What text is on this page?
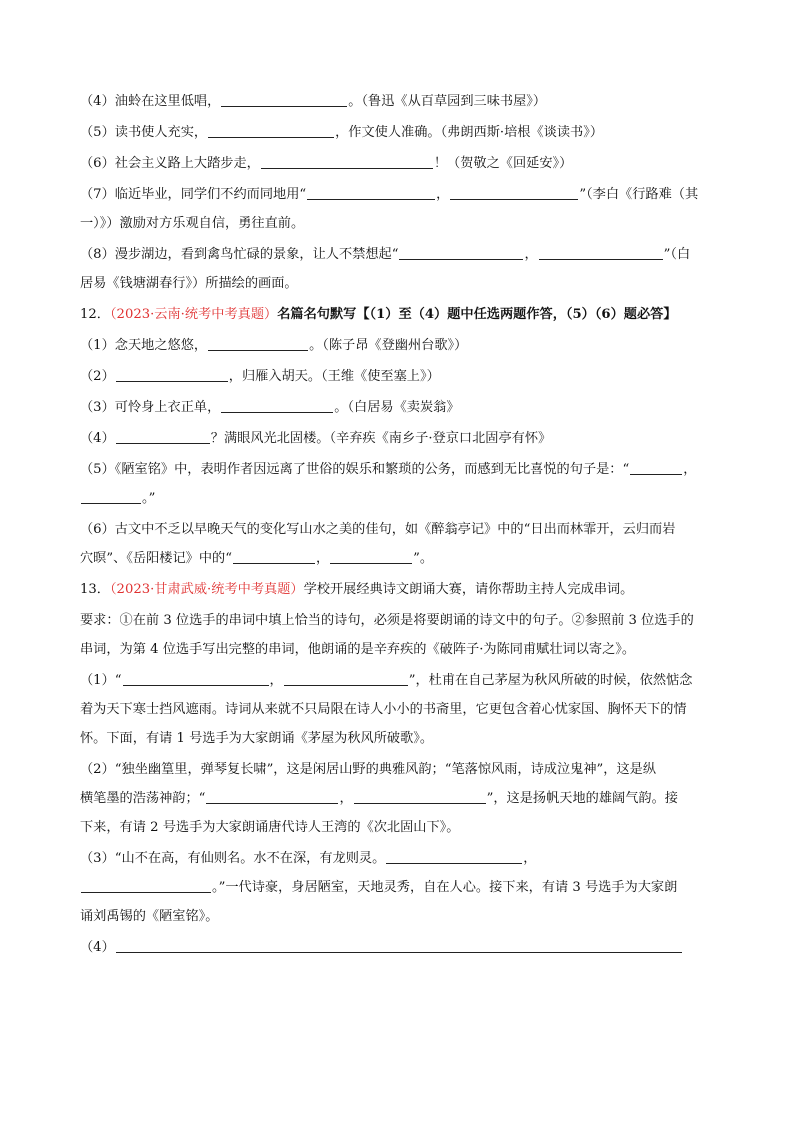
（4）油蛉在这里低唱，	。（鲁迅《从百草园到三味书屋》）
（5）读书使人充实，	，作文使人准确。（弗朗西斯·培根《谈读书》）
（6）社会主义路上大踏步走，	！（贺敬之《回延安》）
（7）临近毕业，同学们不约而同地用“	，	”（李白《行路难（其
一）》）激励对方乐观自信，勇往直前。
（8）漫步湖边，看到禽鸟忙碌的景象，让人不禁想起“	，	”（白
居易《钱塘湖春行》）所描绘的画面。
12．（2023·云南·统考中考真题）名篇名句默写【（1）至（4）题中任选两题作答，（5）（6）题必答】
（1）念天地之悠悠，	。（陈子昂《登幽州台歌》）
（2）	，归雁入胡天。（王维《使至塞上》）
（3）可怜身上衣正单，	。（白居易《卖炭翁》
（4）	？满眼风光北固楼。（辛弃疾《南乡子·登京口北固亭有怀》
（5）《陋室铭》中，表明作者因远离了世俗的娱乐和繁琐的公务，而感到无比喜悦的句子是：“	，
。”
（6）古文中不乏以早晚天气的变化写山水之美的佳句，如《醉翁亭记》中的“日出而林霏开，云归而岩
穴暝”、《岳阳楼记》中的“	，	”。
13．（2023·甘肃武威·统考中考真题）学校开展经典诗文朗诵大赛，请你帮助主持人完成串词。
要求：①在前 3 位选手的串词中填上恰当的诗句，必须是将要朗诵的诗文中的句子。②参照前 3 位选手的
串词，为第 4 位选手写出完整的串词，他朗诵的是辛弃疾的《破阵子·为陈同甫赋壮词以寄之》。
（1）“	，	”，杜甫在自己茅屋为秋风所破的时候，依然惦念
着为天下寒士挡风遮雨。诗词从来就不只局限在诗人小小的书斋里，它更包含着心忧家国、胸怀天下的情
怀。下面，有请 1 号选手为大家朗诵《茅屋为秋风所破歌》。
（2）“独坐幽篁里，弹琴复长啸”，这是闲居山野的典雅风韵；“笔落惊风雨，诗成泣鬼神”，这是纵
横笔墨的浩荡神韵；“	，	”，这是扬帆天地的雄阔气韵。接
下来，有请 2 号选手为大家朗诵唐代诗人王湾的《次北固山下》。
（3）“山不在高，有仙则名。水不在深，有龙则灵。	，
。”一代诗豪，身居陋室，天地灵秀，自在人心。接下来，有请 3 号选手为大家朗
诵刘禹锡的《陋室铭》。
（4）
